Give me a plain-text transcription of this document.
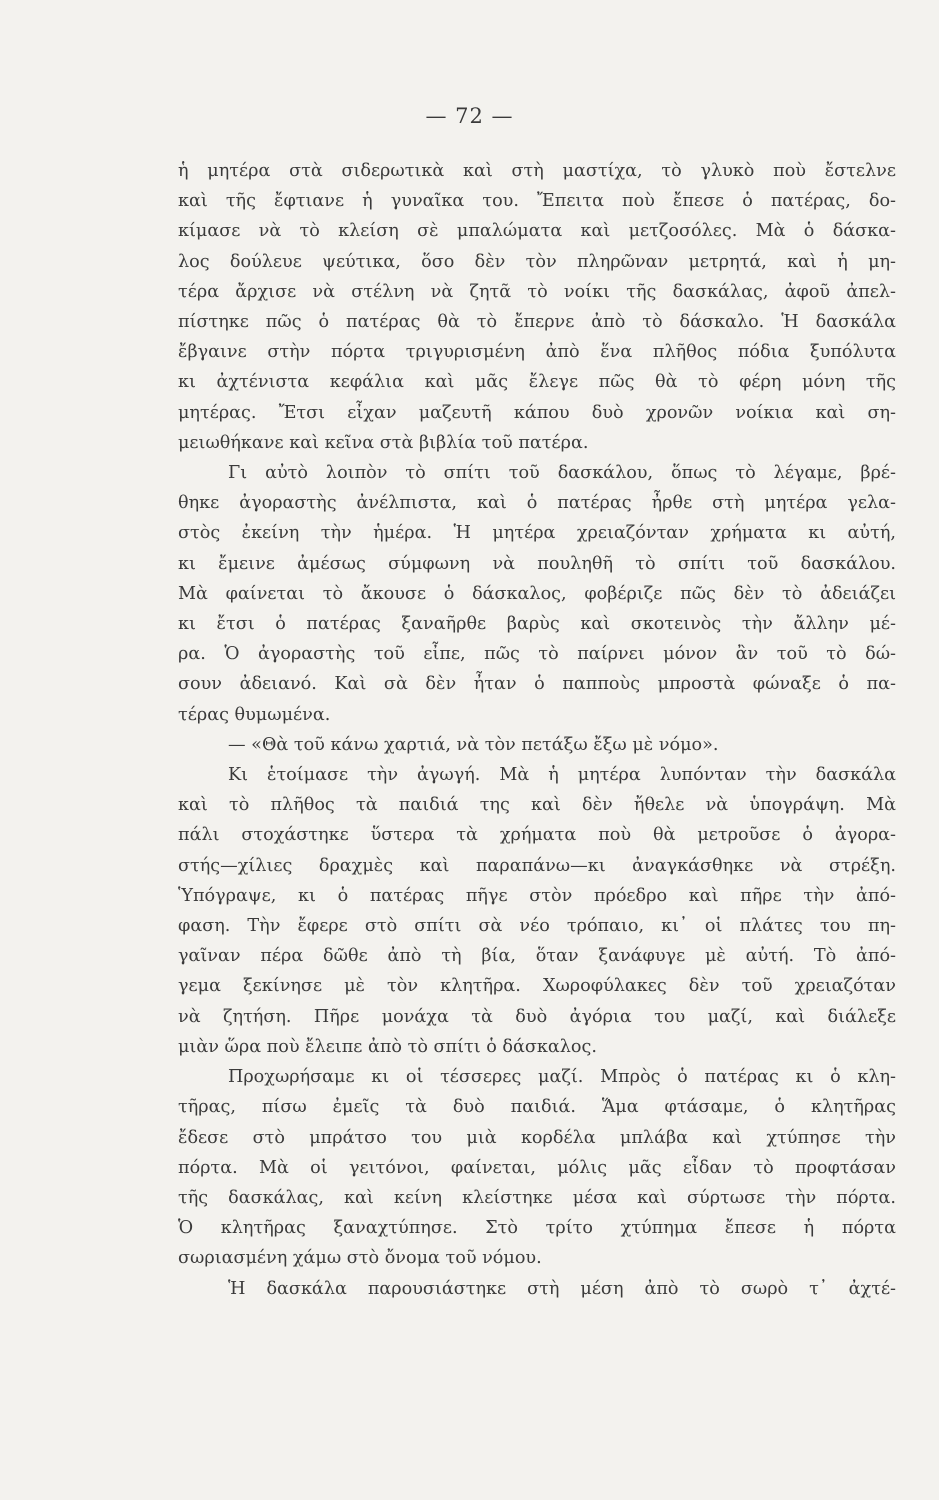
— 72 —
ἡ μητέρα στὰ σιδερωτικὰ καὶ στὴ μαστίχα, τὸ γλυκὸ ποὺ ἔστελνε
καὶ τῆς ἔφτιανε ἡ γυναῖκα του. Ἔπειτα ποὺ ἔπεσε ὁ πατέρας, δο-
κίμασε νὰ τὸ κλείση σὲ μπαλώματα καὶ μετζοσόλες. Μὰ ὁ δάσκα-
λος δούλευε ψεύτικα, ὅσο δὲν τὸν πληρῶναν μετρητά, καὶ ἡ μη-
τέρα ἄρχισε νὰ στέλνη νὰ ζητᾶ τὸ νοίκι τῆς δασκάλας, ἀφοῦ ἀπελ-
πίστηκε πῶς ὁ πατέρας θὰ τὸ ἔπερνε ἀπὸ τὸ δάσκαλο. Ἡ δασκάλα
ἔβγαινε στὴν πόρτα τριγυρισμένη ἀπὸ ἕνα πλῆθος πόδια ξυπόλυτα
κι ἀχτένιστα κεφάλια καὶ μᾶς ἔλεγε πῶς θὰ τὸ φέρη μόνη τῆς
μητέρας. Ἔτσι εἶχαν μαζευτῆ κάπου δυὸ χρονῶν νοίκια καὶ ση-
μειωθήκανε καὶ κεῖνα στὰ βιβλία τοῦ πατέρα.
Γι αὐτὸ λοιπὸν τὸ σπίτι τοῦ δασκάλου, ὅπως τὸ λέγαμε, βρέ-
θηκε ἀγοραστὴς ἀνέλπιστα, καὶ ὁ πατέρας ἦρθε στὴ μητέρα γελα-
στὸς ἐκείνη τὴν ἡμέρα. Ἡ μητέρα χρειαζόνταν χρήματα κι αὐτή,
κι ἔμεινε ἀμέσως σύμφωνη νὰ πουληθῆ τὸ σπίτι τοῦ δασκάλου.
Μὰ φαίνεται τὸ ἄκουσε ὁ δάσκαλος, φοβέριζε πῶς δὲν τὸ ἀδειάζει
κι ἔτσι ὁ πατέρας ξαναῆρθε βαρὺς καὶ σκοτεινὸς τὴν ἄλλην μέ-
ρα. Ὁ ἀγοραστὴς τοῦ εἶπε, πῶς τὸ παίρνει μόνον ἂν τοῦ τὸ δώ-
σουν ἀδειανό. Καὶ σὰ δὲν ἦταν ὁ παπποὺς μπροστὰ φώναξε ὁ πα-
τέρας θυμωμένα.
— «Θὰ τοῦ κάνω χαρτιά, νὰ τὸν πετάξω ἔξω μὲ νόμο».
Κι ἑτοίμασε τὴν ἀγωγή. Μὰ ἡ μητέρα λυπόνταν τὴν δασκάλα
καὶ τὸ πλῆθος τὰ παιδιά της καὶ δὲν ἤθελε νὰ ὑπογράψη. Μὰ
πάλι στοχάστηκε ὕστερα τὰ χρήματα ποὺ θὰ μετροῦσε ὁ ἀγορα-
στής—χίλιες δραχμὲς καὶ παραπάνω—κι ἀναγκάσθηκε νὰ στρέξη.
Ὑπόγραψε, κι ὁ πατέρας πῆγε στὸν πρόεδρο καὶ πῆρε τὴν ἀπό-
φαση. Τὴν ἔφερε στὸ σπίτι σὰ νέο τρόπαιο, κι᾽ οἱ πλάτες του πη-
γαῖναν πέρα δῶθε ἀπὸ τὴ βία, ὅταν ξανάφυγε μὲ αὐτή. Τὸ ἀπό-
γεμα ξεκίνησε μὲ τὸν κλητῆρα. Χωροφύλακες δὲν τοῦ χρειαζόταν
νὰ ζητήση. Πῆρε μονάχα τὰ δυὸ ἀγόρια του μαζί, καὶ διάλεξε
μιὰν ὥρα ποὺ ἔλειπε ἀπὸ τὸ σπίτι ὁ δάσκαλος.
Προχωρήσαμε κι οἱ τέσσερες μαζί. Μπρὸς ὁ πατέρας κι ὁ κλη-
τῆρας, πίσω ἐμεῖς τὰ δυὸ παιδιά. Ἅμα φτάσαμε, ὁ κλητῆρας
ἔδεσε στὸ μπράτσο του μιὰ κορδέλα μπλάβα καὶ χτύπησε τὴν
πόρτα. Μὰ οἱ γειτόνοι, φαίνεται, μόλις μᾶς εἶδαν τὸ προφτάσαν
τῆς δασκάλας, καὶ κείνη κλείστηκε μέσα καὶ σύρτωσε τὴν πόρτα.
Ὁ κλητῆρας ξαναχτύπησε. Στὸ τρίτο χτύπημα ἔπεσε ἡ πόρτα
σωριασμένη χάμω στὸ ὄνομα τοῦ νόμου.
Ἡ δασκάλα παρουσιάστηκε στὴ μέση ἀπὸ τὸ σωρὸ τ᾽ ἀχτέ-
